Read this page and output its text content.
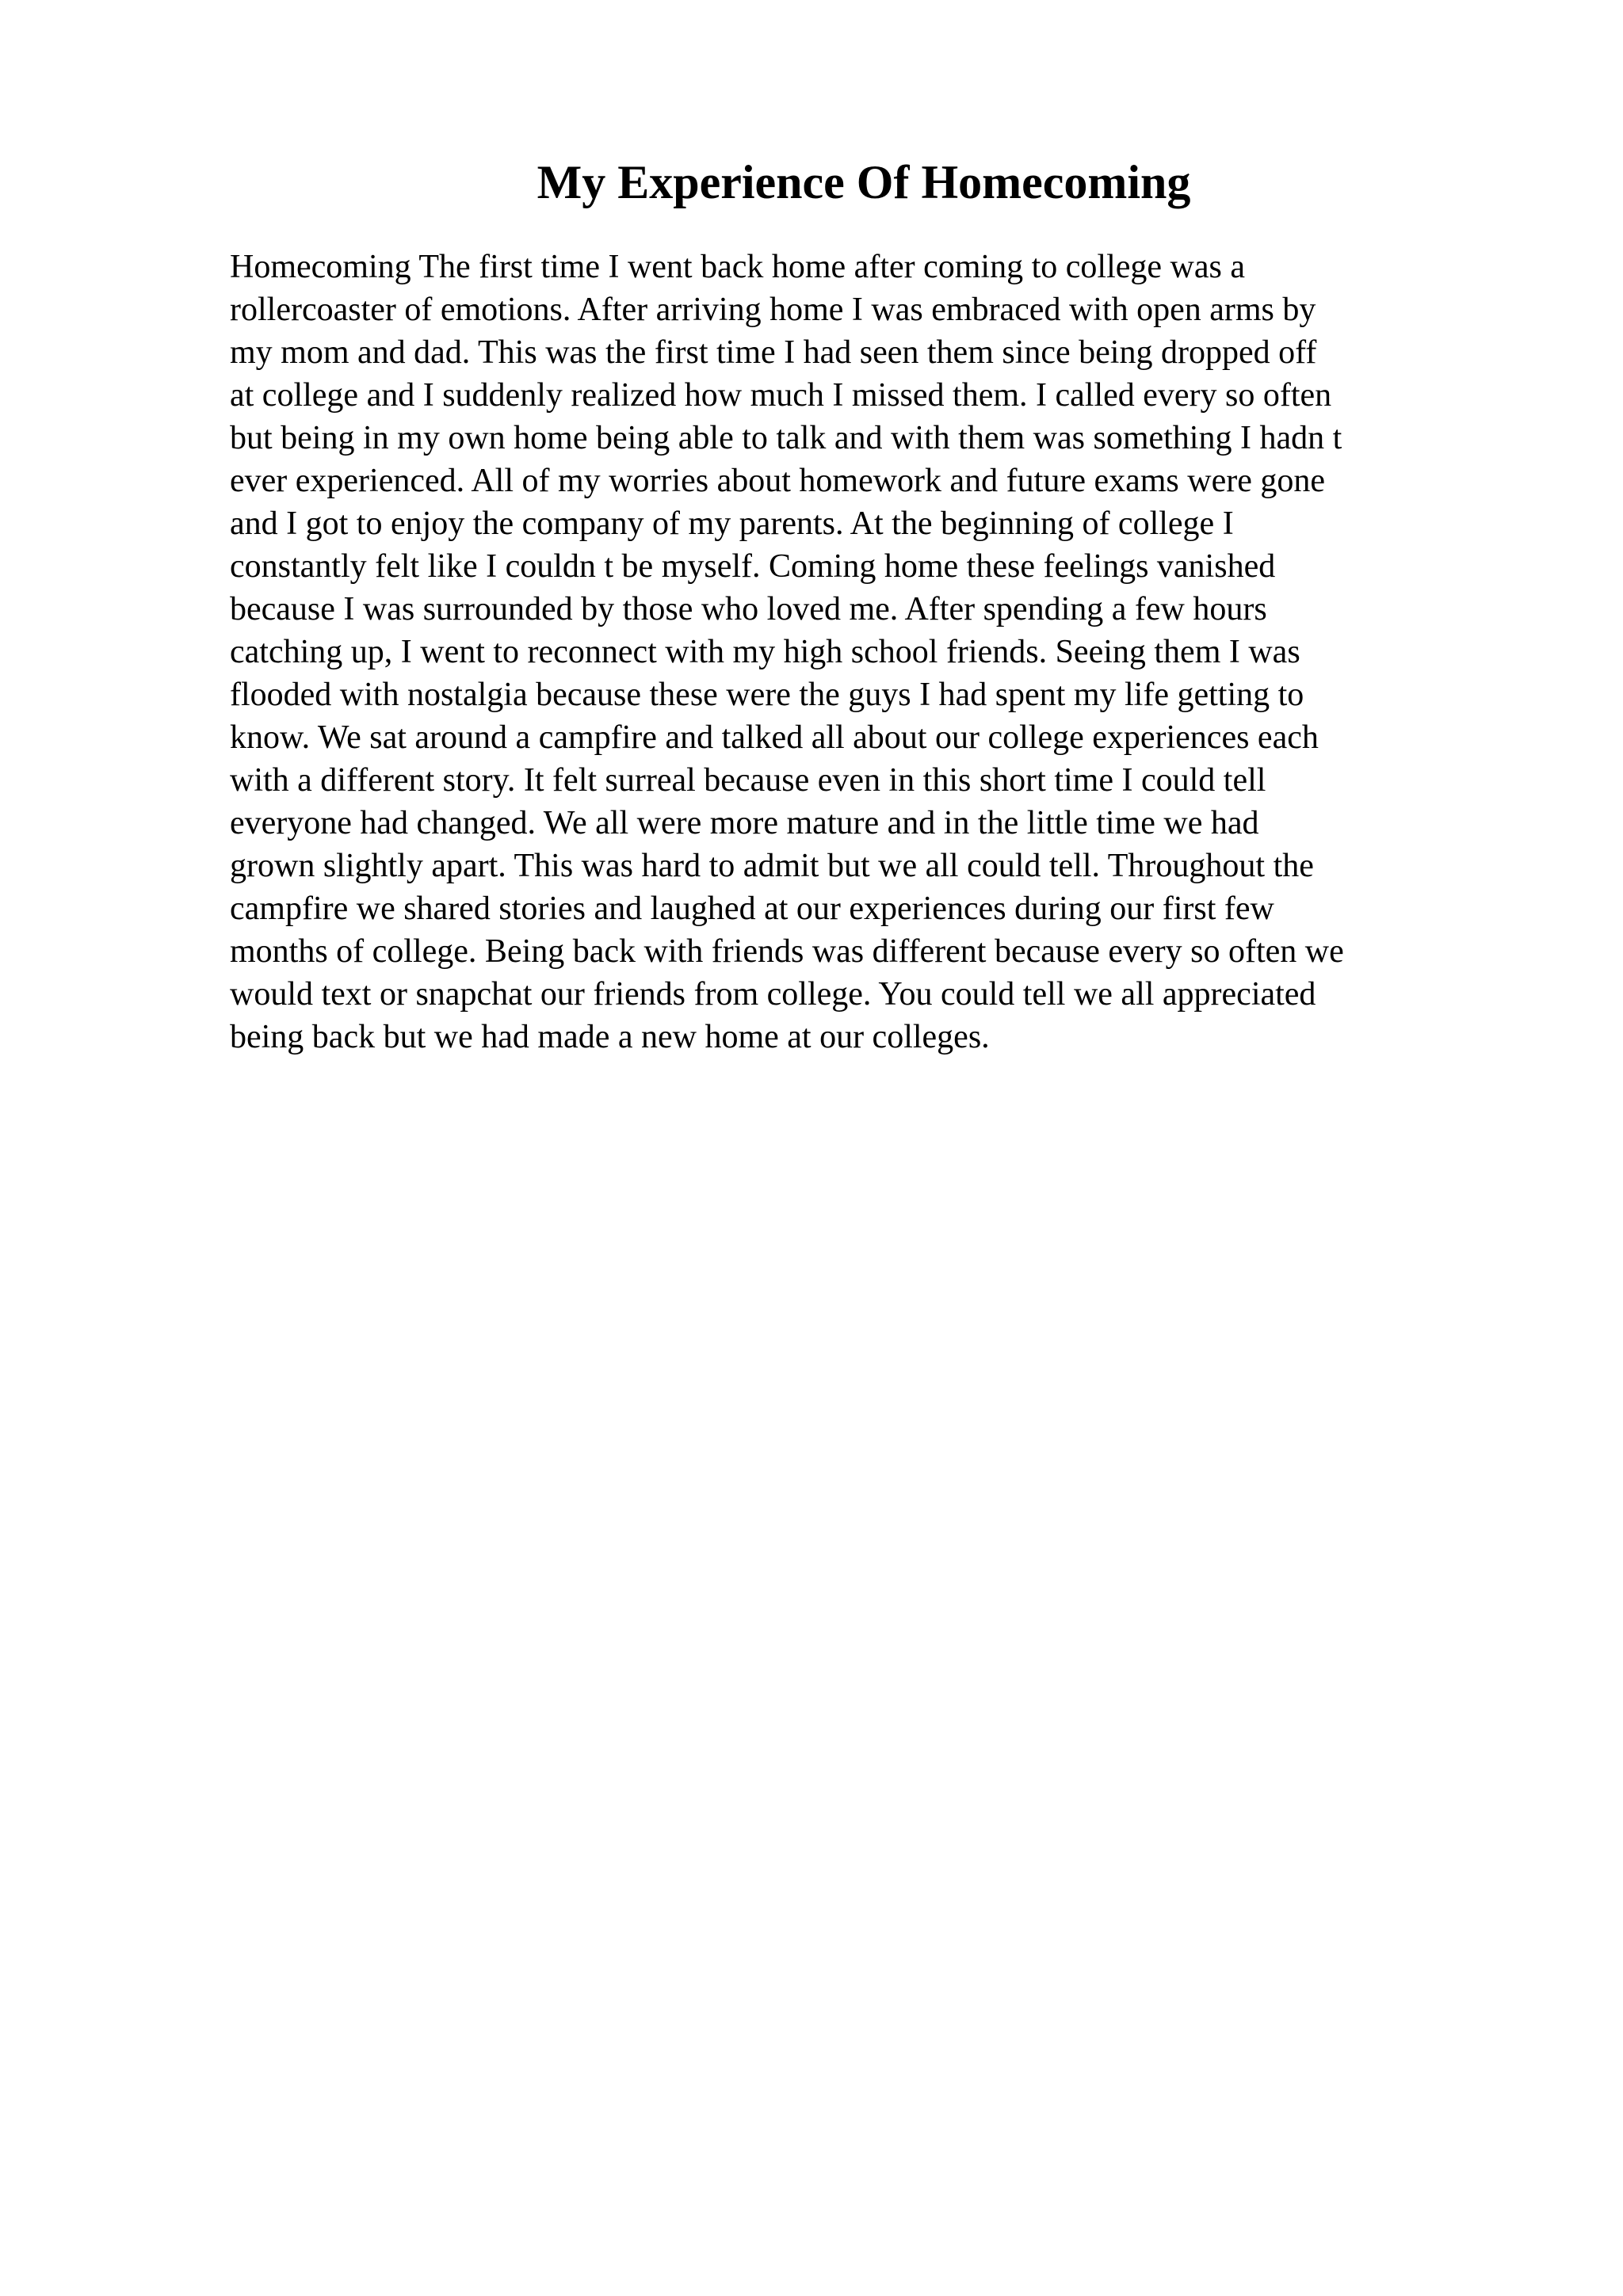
My Experience Of Homecoming
Homecoming The first time I went back home after coming to college was a
rollercoaster of emotions. After arriving home I was embraced with open arms by
my mom and dad. This was the first time I had seen them since being dropped off
at college and I suddenly realized how much I missed them. I called every so often
but being in my own home being able to talk and with them was something I hadn t
ever experienced. All of my worries about homework and future exams were gone
and I got to enjoy the company of my parents. At the beginning of college I
constantly felt like I couldn t be myself. Coming home these feelings vanished
because I was surrounded by those who loved me. After spending a few hours
catching up, I went to reconnect with my high school friends. Seeing them I was
flooded with nostalgia because these were the guys I had spent my life getting to
know. We sat around a campfire and talked all about our college experiences each
with a different story. It felt surreal because even in this short time I could tell
everyone had changed. We all were more mature and in the little time we had
grown slightly apart. This was hard to admit but we all could tell. Throughout the
campfire we shared stories and laughed at our experiences during our first few
months of college. Being back with friends was different because every so often we
would text or snapchat our friends from college. You could tell we all appreciated
being back but we had made a new home at our colleges.
